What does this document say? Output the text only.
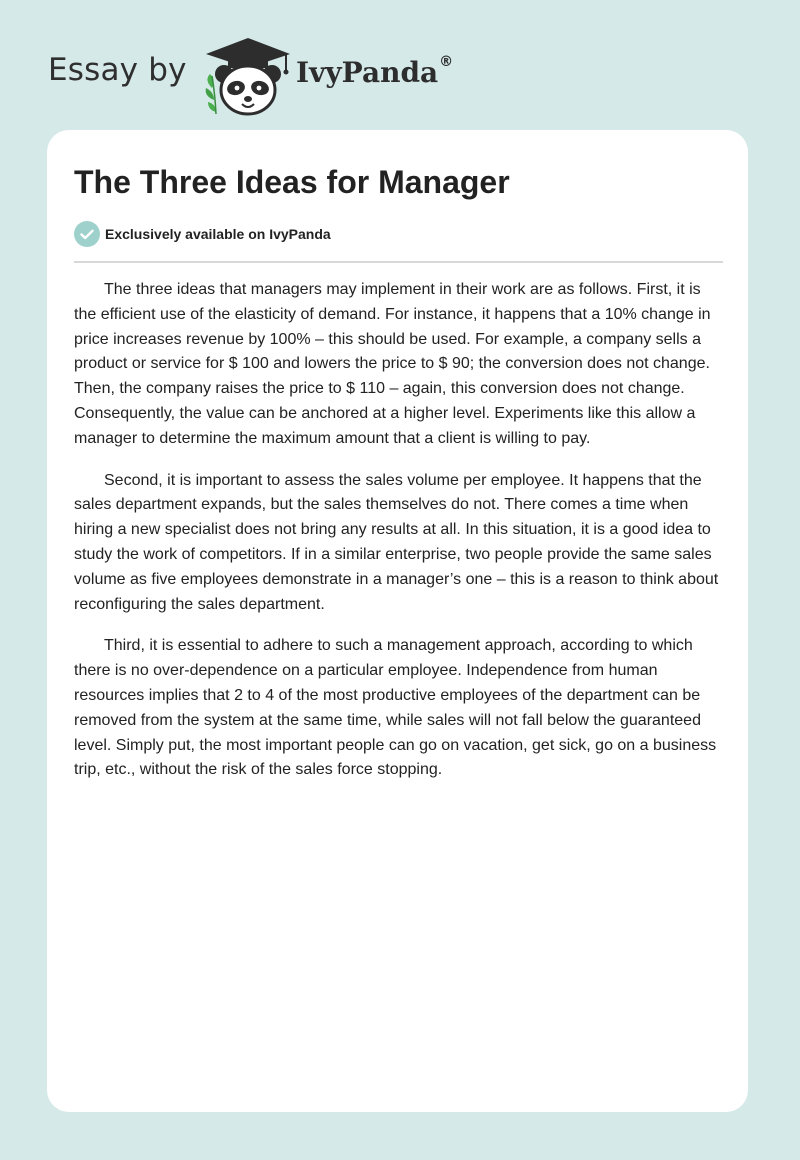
Essay by	IvyPanda®
The Three Ideas for Manager
Exclusively available on IvyPanda

The three ideas that managers may implement in their work are as follows. First, it is the efficient use of the elasticity of demand. For instance, it happens that a 10% change in price increases revenue by 100% – this should be used. For example, a company sells a product or service for $ 100 and lowers the price to $ 90; the conversion does not change. Then, the company raises the price to $ 110 – again, this conversion does not change. Consequently, the value can be anchored at a higher level. Experiments like this allow a manager to determine the maximum amount that a client is willing to pay.

Second, it is important to assess the sales volume per employee. It happens that the sales department expands, but the sales themselves do not. There comes a time when hiring a new specialist does not bring any results at all. In this situation, it is a good idea to study the work of competitors. If in a similar enterprise, two people provide the same sales volume as five employees demonstrate in a manager’s one – this is a reason to think about reconfiguring the sales department.

Third, it is essential to adhere to such a management approach, according to which there is no over-dependence on a particular employee. Independence from human resources implies that 2 to 4 of the most productive employees of the department can be removed from the system at the same time, while sales will not fall below the guaranteed level. Simply put, the most important people can go on vacation, get sick, go on a business trip, etc., without the risk of the sales force stopping.
